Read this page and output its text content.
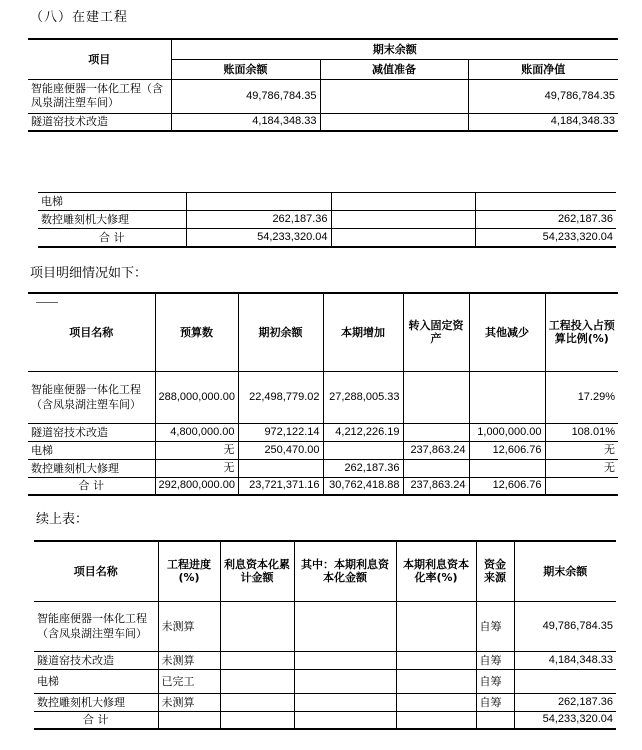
（八）在建工程
项目	期末余额		
	账面余额	减值准备	账面净值
智能座便器一体化工程（含凤泉湖注塑车间）	49,786,784.35		49,786,784.35
隧道窑技术改造	4,184,348.33		4,184,348.33
电梯			
数控雕刻机大修理	262,187.36		262,187.36
合 计	54,233,320.04		54,233,320.04
项目明细情况如下：
项目名称	预算数	期初余额	本期增加	转入固定资产	其他减少	工程投入占预算比例(%)
智能座便器一体化工程（含凤泉湖注塑车间）	288,000,000.00	22,498,779.02	27,288,005.33			17.29%
隧道窑技术改造	4,800,000.00	972,122.14	4,212,226.19		1,000,000.00	108.01%
电梯	无	250,470.00		237,863.24	12,606.76	无
数控雕刻机大修理	无		262,187.36			无
合 计	292,800,000.00	23,721,371.16	30,762,418.88	237,863.24	12,606.76	
续上表：
项目名称	工程进度(%)	利息资本化累计金额	其中：本期利息资本化金额	本期利息资本化率(%)	资金来源	期末余额
智能座便器一体化工程（含凤泉湖注塑车间）	未测算				自筹	49,786,784.35
隧道窑技术改造	未测算				自筹	4,184,348.33
电梯	已完工				自筹	
数控雕刻机大修理	未测算				自筹	262,187.36
合 计						54,233,320.04
